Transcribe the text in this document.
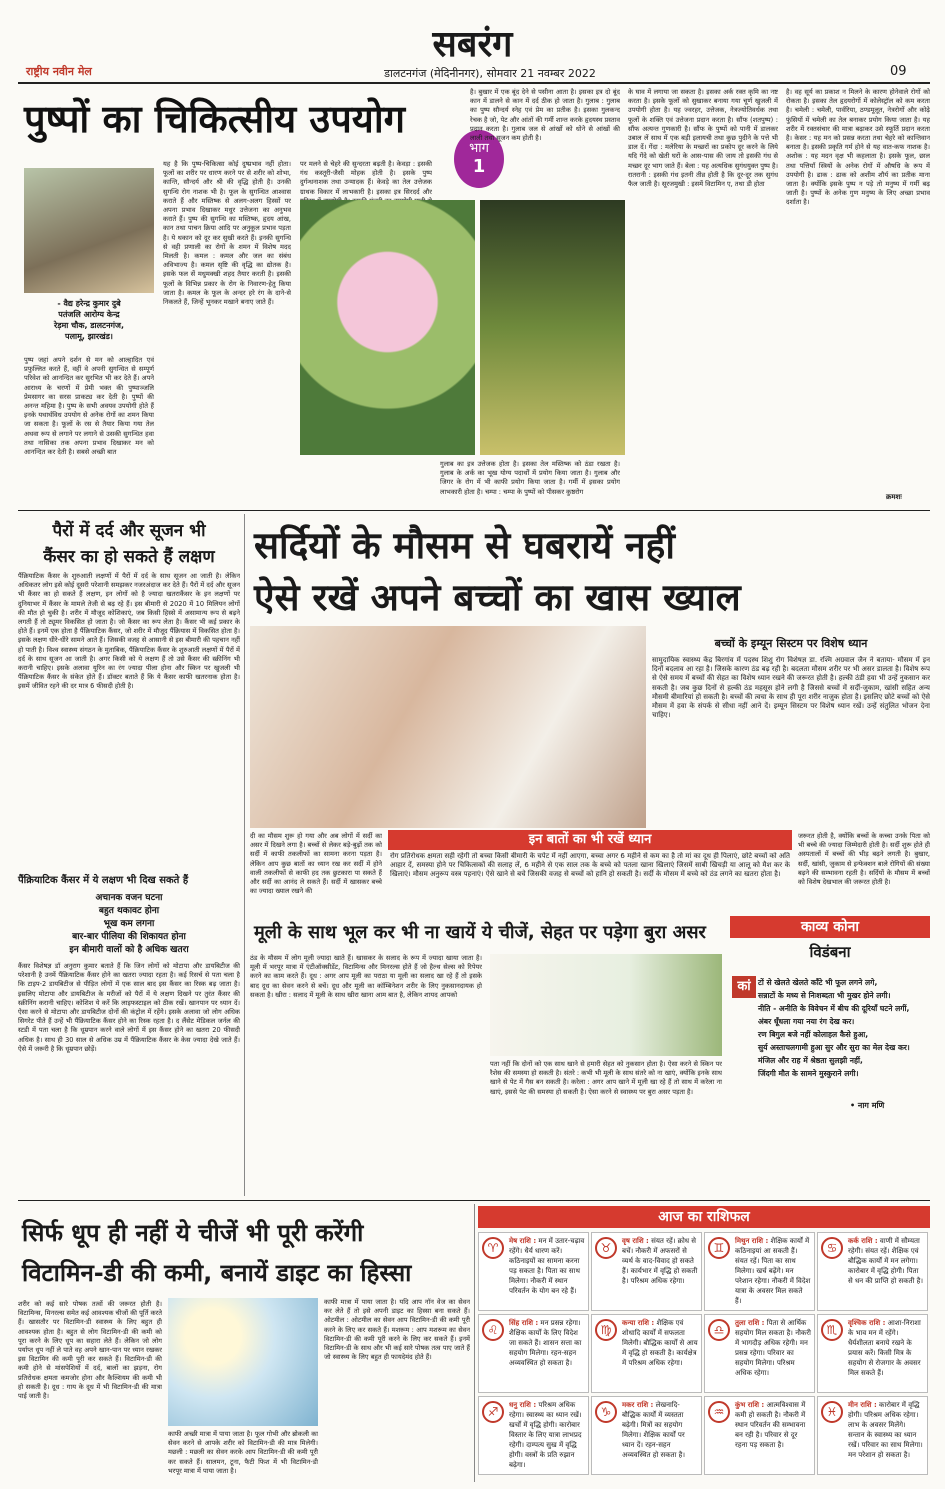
सबरंग
राष्ट्रीय नवीन मेल	डालटनगंज (मेदिनीनगर), सोमवार 21 नवम्बर 2022	09
पुष्पों का चिकित्सीय उपयोग
भाग
1
- वैद्य हरेन्द्र कुमार दुबे
पतंजलि आरोग्य केन्द्र
रेड़मा चौक, डालटनगंज,
पलामू, झारखंड।
पुष्प जहां अपने दर्शन से मन को आल्हादित एवं प्रफुल्लित करते हैं, वहीं वे अपनी सुगन्धित से सम्पूर्ण परिवेश को आनन्दित कर सुरभित भी कर देते हैं। अपने आराध्य के चरणों में प्रेमी भक्त की पुष्पाञ्जलि प्रेमसागर का सरस प्राकट्य कर देती है। पुष्पों की अनन्त महिमा है। पुष्प के सभी अवयव उपयोगी होते हैं इनके यथार्थविध उपयोग से अनेक रोगों का शमन किया जा सकता है। फूलों के रस से तैयार किया गया तेल अथवा रूप से लगाने पर लगाने से उसकी सुगन्धित हवा तथा नासिका तक अपना प्रभाव दिखाकर मन को आनन्दित कर देती है। सबसे अच्छी बात
यह है कि पुष्प-चिकित्सा कोई दुष्प्रभाव नहीं होता। फूलों का शरीर पर धारण करने पर से शरीर को शोभा, कान्ति, सौन्दर्य और श्री की वृद्धि होती है। उनकी सुगन्धि रोग नाशक भी है। फूल के सुगन्धित आश्वास कराते हैं और मस्तिष्क से अलग-अलग हिस्सों पर अपना प्रभाव दिखाकर मधुर उत्तेजना का अनुभव कराते हैं। पुष्प की सुगन्धि का मस्तिष्क, हृदय आंख, कान तथा पाचन क्रिया आदि पर अनुकूल प्रभाव पड़ता है। ये थकान को दूर कर सुखी करते हैं। इनकी सुगन्धि से वही प्रणाली का रोगों के शमन में विशेष मदद मिलती है। कमल : कमल और जल का संबंध अविभाज्य है। कमल सृष्टि की वृद्धि का द्योतक है। इसके फल सें मधुमक्खी शहद तैयार करती है। इसकी फूलों के विभिन्न प्रकार के रोग के निवारण-हेतु किया जाता है। कमल के फूल के अन्दर हरे रंग के दाने-से निकलते हैं, जिन्हें भूनकर मखाने बनाए जाते हैं।
पर मलने से चेहरे की सुन्दरता बढ़ती है। केवड़ा : इसकी गंध कस्तूरी-जैसी मोहक होती है। इसके पुष्प दुर्गन्धनाशक तथा उन्मादक हैं। केवड़े का तेल उत्तेजक ग्राथक विकार में लाभकारी है। इसका इत्र सिरदर्द और
है। बुखार में एक बूंद देने से पसीना आता है। इसका इत्र दो बूंद कान में डालने से कान में दर्द ठीक हो जाता है। गुलाब : गुलाब का पुष्प सौन्दर्य स्नेह एवं प्रेम का प्रतीक है। इसका गुलकन्द रेचक है जो, पेट और आंतों की गर्मी शान्त करके हृदयस्थ प्रस्ताव प्रदान करता है। गुलाब जल से आंखों को धोने से आंखों की लाली तथा सूजन कम होती है।
गुलाब का इत्र उत्तेजक होता है। इसका तेल मस्तिष्क को ठंडा रखता है। गुलाब के अर्क का भूख योग्य पदार्थों में प्रयोग किया जाता है। गुलाब और जिगर के रोग में भी काफी प्रयोग किया जाता है। गर्मी में इसका प्रयोग लाभकारी होता है। चम्पा : चम्पा के पुष्पों को पीसकर कुष्ठरोग
के घाव में लगाया जा सकता है। इसका अर्क रक्त कृमि का नष्ट करता है। इसके फूलों को सुखाकर बनाया गया चूर्ण खुजली में उपयोगी होता है। यह ज्वरहर, उत्तेजक, नेत्रज्योतिवर्धक तथा फूलों के शक्ति एवं उत्तेजना प्रदान करता है। सौंफ (शतपुष्प) : सौंफ अत्यन्त गुणकारी है। सौंफ के पुष्पों को पानी में डालकर उबाल लें साथ में एक बड़ी इलायची तथा कुछ पुदीने के पत्ते भी डाल दें। गेंदा : मलेरिया के मच्छरों का प्रकोप दूर करने के लिये यदि गेंदे को खेती घरों के आस-पास की जाय तो इसकी गंध से मच्छर दूर भाग जाते हैं। बेला : यह अत्यधिक सुगंधयुक्त पुष्प है। रातरानी : इसकी गंध इतनी तीव्र होती है कि दूर-दूर तक सुगंध फैल जाती है। सूरजमुखी : इसमें विटामिन ए, तथा डी होता
है। वह सूर्य का प्रकाश न मिलने के कारण होनेवाले रोगों को रोकता है। इसका तेल हृदयरोगों में कोलेस्ट्रॉल को कम करता है। चमेली : चमेली, पार्वरिया, ठण्डमूलूत, नेत्ररोगों और कोढ़े फुंसियों में चमेली का तेल बनाकर प्रयोग किया जाता है। यह शरीर में रक्तसंचार की मात्रा बढ़ाकर उसे स्फूर्ति प्रदान करता है। केसर : यह मन को प्रसन्न करता तथा चेहरे को कान्तिवान बनाता है। इसकी प्रकृति गर्म होने से यह वात-कफ नाशक है। अशोक : यह मदन वृक्ष भी कहलाता है। इसके फूल, छाल तथा पत्तियाँ स्त्रियों के अनेक रोगों में औषधि के रूप में उपयोगी है। ढाक : ढाक को अशीम शौर्य का प्रतीक माना जाता है। क्योंकि इसके पुष्प न पड़े तो मनुष्य में गर्मी बढ़ जाती है। पुष्पों के अनेक गुण मनुष्य के लिए अच्छा प्रभाव दर्शाता है।
क्रमशः
पैरों में दर्द और सूजन भी
कैंसर का हो सकते हैं लक्षण
पैंक्रियाटिक कैंसर के शुरुआती लक्षणों में पैरों में दर्द के साथ सूजन आ जाती है। लेकिन अधिकतर लोग इसे कोई दूसरी परेशानी समझकर नजरअंदाज कर देते हैं। पैरों में दर्द और सूजन भी कैंसर का हो सकते हैं लक्षण, इन लोगों को है ज्यादा खतराकैंसर के इन लक्षणों पर दुनियाभर में कैंसर के मामले तेजी से बढ़ रहे हैं। इस बीमारी से 2020 में 10 मिलियन लोगों की मौत हो चुकी है। शरीर में मौजूद कोशिकाएं, जब किसी हिस्से में असामान्य रूप से बढ़ने लगती हैं तो ट्यूमर विकसित हो जाता है। जो कैंसर का रूप लेता है। कैंसर भी कई प्रकार के होते हैं। इनमें एक होता है पैंक्रियाटिक कैंसर, जो शरीर में मौजूद पैंक्रियास में विकसित होता है। इसके लक्षण धीरे-धीरे सामने आते हैं। जिसकी वजह से आसानी से इस बीमारी की पहचान नहीं हो पाती है। विश्व स्वास्थ्य संगठन के मुताबिक, पैंक्रियाटिक कैंसर के शुरुआती लक्षणों में पैरों में दर्द के साथ सूजन आ जाती है। अगर किसी को ये लक्षण हैं तो उसे कैंसर की स्क्रीनिंग भी करानी चाहिए। इसके अलावा यूरिन का रंग ज्यादा पीला होना और स्किन पर खुजली भी पैंक्रियाटिक कैंसर के संकेत होते हैं। डॉक्टर बताते हैं कि ये कैंसर काफी खतरनाक होता है। इसमें जीवित रहने की दर मात्र 6 फीसदी होती है।
पैंक्रियाटिक कैंसर में ये लक्षण भी दिख सकते हैं
अचानक वजन घटना
बहुत थकावट होना
भूख कम लगना
बार-बार पीलिया की शिकायत होना
इन बीमारी वालों को है अधिक खतरा
कैंसर विशेषज्ञ डॉ अनुराग कुमार बताते हैं कि जिन लोगों को मोटापा और डायबिटीज की परेशानी है उनमें पैंक्रियाटिक कैंसर होने का खतरा ज्यादा रहता है। कई रिसर्च से पता चला है कि टाइप-2 डायबिटीज से पीड़ित लोगों में एक साल बाद इस कैंसर का रिस्क बढ़ जाता है। इसलिए मोटापा और डायबिटीज के मरीजों को पैरों में ये लक्षण दिखने पर तुरंत कैंसर की स्क्रीनिंग करानी चाहिए। कोशिश ये करें कि लाइफस्टाइल को ठीक रखें। खानपान पर ध्यान दें। ऐसा करने से मोटापा और डायबिटीज दोनों की कंट्रोल में रहेंगे। इसके अलावा जो लोग अधिक सिगरेट पीते हैं उन्हें भी पैंक्रियाटिक कैंसर होने का रिस्क रहता है। द लैंसेट मेडिकल जर्नल की स्टडी में पता चला है कि धूम्रपान करने वाले लोगों में इस कैंसर होने का खतरा 20 फीसदी अधिक है। साथ ही 30 साल से अधिक उम्र में पैंक्रियाटिक कैंसर के केस ज्यादा देखे जाते हैं। ऐसे में जरूरी है कि धूम्रपान छोड़ें।
सर्दियों के मौसम से घबरायें नहीं
ऐसे रखें अपने बच्चों का खास ख्याल
बच्चों के इम्यून सिस्टम पर विशेष ध्यान
सामुदायिक स्वास्थ्य केंद्र बिरगांव में पदस्थ शिशु रोग विशेषज्ञ डा. रश्मि अग्रवाल जैन ने बताया- मौसम में इन दिनों बदलाव आ रहा है। जिसके कारण ठंड बढ़ रही है। बदलता मौसम शरीर पर भी असर डालता है। विशेष रूप से ऐसे समय में बच्चों की सेहत का विशेष ध्यान रखने की जरूरत होती है। हल्की ठंडी हवा भी उन्हें नुकसान कर सकती है। जब कुछ दिनों से हल्की ठंड महसूस होने लगी है जिससे बच्चों में सर्दी-जुकाम, खांसी सहित अन्य मौसमी बीमारियां हो सकती है। बच्चों की त्वचा के साथ ही पूरा शरीर नाजुक होता है। इसलिए छोटे बच्चों को ऐसे मौसम में हवा के संपर्क से सीधा नहीं आने दें। इम्यून सिस्टम पर विशेष ध्यान रखें। उन्हें संतुलित भोजन देना चाहिए।
दी का मौसम शुरू हो गया और अब लोगों में सर्दी का असर में दिखने लगा है। बच्चों से लेकर बड़े-बुढ़ों तक को सर्दी में काफी तकलीफों का सामना करना पड़ता है। लेकिन आप कुछ बातों का ध्यान रख कर सर्दी में होने वाली तकलीफों से काफी हद तक छुटकारा पा सकते हैं और सर्दी का आनंद ले सकते हैं। सर्दी में खासकर बच्चे का ज्यादा ख्याल रखने की
इन बातों का भी रखें ध्यान
रोग प्रतिरोधक क्षमता सही रहेगी तो बच्चा किसी बीमारी के चपेट में नहीं आएगा, बच्चा अगर 6 महीने से कम का है तो मां का दूध ही पिलाएं, छोटे बच्चों को अति आहार दें, समस्या होने पर चिकित्सकों की सलाह लें, 6 महीने से एक साल तक के बच्चे को पतला खाना खिलाएं जिसमें साबी खिचड़ी या आलू को मैश कर के खिलाएं। मौसम अनुरूप वस्त्र पहनाएं। ऐसे खाने से बचे जिसकी वजह से बच्चों को हानि हो सकती है। सर्दी के मौसम में बच्चे को ठंड लगने का खतरा होता है।
जरूरत होती है, क्योंकि बच्चों के कच्चा उनके पिता को भी बच्चे की ज्यादा जिम्मेदारी होती है। सर्दी शुरू होते ही अस्पतालों में बच्चों की भीड़ बढ़ने लगती है। बुखार, सर्दी, खांसी, जुकाम से इन्फेक्शन बाले रोगियों की संख्या बढ़ने की सम्भावना रहती है। सर्दियों के मौसम में बच्चों को विशेष देखभाल की जरूरत होती है।
मूली के साथ भूल कर भी ना खायें ये चीजें, सेहत पर पड़ेगा बुरा असर
ठंड के मौसम में लोग मूली ज्यादा खाते हैं। खासकर के सलाद के रूप में ज्यादा खाया जाता है। मूली में भरपूर मात्रा में एंटीऑक्सीडेंट, विटामिन्स और मिनरल्स होते हैं जो हैल्थ सेल्स को रिपेयर करने का काम करते हैं। दूध : अगर आप मूली का पराठा या मूली का सलाद खा रहे हैं तो इसके बाद दूध का सेवन करने से बचें। दूध और मूली का कॉम्बिनेशन शरीर के लिए नुकसानदायक हो सकता है। खीरा : सलाद में मूली के साथ खीरा खाना आम बात है, लेकिन शायद आपको
पता नहीं कि दोनों को एक साथ खाने से हमारी सेहत को नुकसान होता है। ऐसा करने से स्किन पर रैशेस की समस्या हो सकती है। संतरे : कभी भी मूली के साथ संतरे को ना खाएं, क्योंकि इनके साथ खाने से पेट में गैस बन सकती है। करेला : अगर आप खाने में मूली खा रहे हैं तो साथ में करेला ना खाएं, इससे पेट की समस्या हो सकती है। ऐसा करने से स्वास्थ्य पर बुरा असर पड़ता है।
काव्य कोना
विडंबना
कां टों से खेलते खेलते काँटे भी फूल लगने लगे,
सन्नाटों के मध्य से निःशब्दता भी मुखर होने लगी।
नीति - अनीति के विवेचन में बीच की दूरियाँ घटने लगीं,
अंबर धूँधला गया नया रंग देख कर।
रण बिगुल बजे नहीं कोलाहल कैसे हुआ,
सुर्य अस्ताचलगामी हुआ सुर और सुरा का मेल देख कर।
मंजिल और राह में श्रेष्ठता सुलझी नहीं,
जिंदगी मौत के सामने मुस्कुराने लगी।
• नाग मणि
सिर्फ धूप ही नहीं ये चीजें भी पूरी करेंगी
विटामिन-डी की कमी, बनायें डाइट का हिस्सा
शरीर को कई सारे पोषक तत्वों की जरूरत होती है। विटामिन्स, मिनरल्स समेत कई आवश्यक चीजों की पूर्ति करते हैं। खासतौर पर विटामिन-डी स्वास्थ्य के लिए बहुत ही आवश्यक होता है। बहुत से लोग विटामिन-डी की कमी को पूरा करने के लिए धूप का सहारा लेते हैं। लेकिन जो लोग पर्याप्त धूप नहीं ले पाते वह अपने खान-पान पर ध्यान रखकर इस विटामिन की कमी पूरी कर सकते हैं। विटामिन-डी की कमी होने से मांसपेशियों में दर्द, बालों का झड़ना, रोग प्रतिरोधक क्षमता कमजोर होना और कैल्शियम की कमी भी हो सकती है। दूध : गाय के दूध में भी विटामिन-डी की मात्रा पाई जाती है।
काफी अच्छी मात्रा में पाया जाता है। फूल गोभी और ब्रोकली का सेवन करने से आपके शरीर को विटामिन-डी की मात्र मिलेगी। मछली : मछली का सेवन करके आप विटामिन-डी की कमी पूरी कर सकते हैं। सालमन, टूना, फैटी फिश में भी विटामिन-डी भरपूर मात्रा में पाया जाता है।
काफी मात्रा में पाया जाता है। यदि आप नॉन वेज का सेवन कर लेते हैं तो इसे अपनी डाइट का हिस्सा बना सकते हैं। ओटमील : ओटमील का सेवन आप विटामिन-डी की कमी पूरी करने के लिए कर सकते हैं। मशरूम : आप मशरूम का सेवन विटामिन-डी की कमी पूरी करने के लिए कर सकते हैं। इनमें विटामिन-डी के साथ और भी कई सारे पोषक तत्व पाए जाते हैं जो स्वास्थ्य के लिए बहुत ही फायदेमंद होते हैं।
आज का राशिफल
♈	मेष राशि : मन में उतार-चढ़ाव रहेंगे। धैर्य धारण करें। कठिनाइयों का सामना करना पड़ सकता है। पिता का साथ मिलेगा। नौकरी में स्थान परिवर्तन के योग बन रहे हैं।
♉	वृष राशि : संयत रहें। क्रोध से बचें। नौकरी में अफसरों से व्यर्थ के वाद-विवाद हो सकते हैं। कार्यभार में वृद्धि हो सकती है। परिश्रम अधिक रहेगा।
♊	मिथुन राशि : शैक्षिक कार्यों में कठिनाइयां आ सकती हैं। संयत रहें। पिता का साथ मिलेगा। खर्च बढ़ेंगे। मन परेशान रहेगा। नौकरी में विदेश यात्रा के अवसर मिल सकते हैं।
♋	कर्क राशि : वाणी में सौम्यता रहेगी। संयत रहें। शैक्षिक एवं बौद्धिक कार्यों में मन लगेगा। कारोबार में वृद्धि होगी। पिता से धन की प्राप्ति हो सकती है।
♌	सिंह राशि : मन प्रसन्न रहेगा। शैक्षिक कार्यों के लिए विदेश जा सकते हैं। शासन सत्ता का सहयोग मिलेगा। रहन-सहन अव्यवस्थित हो सकता है।
♍	कन्या राशि : शैक्षिक एवं शोधादि कार्यों में सफलता मिलेगी। बौद्धिक कार्यों से आय में वृद्धि हो सकती है। कार्यक्षेत्र में परिश्रम अधिक रहेगा।
♎	तुला राशि : पिता से आर्थिक सहयोग मिल सकता है। नौकरी में भागदौड़ अधिक रहेगी। मन प्रसन्न रहेगा। परिवार का सहयोग मिलेगा। परिश्रम अधिक रहेगा।
♏	वृश्चिक राशि : आशा-निराशा के भाव मन में रहेंगे। धैर्यशीलता बनाये रखने के प्रयास करें। किसी मित्र के सहयोग से रोजगार के अवसर मिल सकते हैं।
♐	धनु राशि : परिश्रम अधिक रहेगा। स्वास्थ्य का ध्यान रखें। खर्चों में वृद्धि होगी। कारोबार विस्तार के लिए यात्रा लाभप्रद रहेगी। दाम्पत्य सुख में वृद्धि होगी। वस्त्रों के प्रति रुझान बढ़ेगा।
♑	मकर राशि : लेखनादि-बौद्धिक कार्यों में व्यस्तता बढ़ेगी। मित्रों का सहयोग मिलेगा। शैक्षिक कार्यों पर ध्यान दें। रहन-सहन अव्यवस्थित हो सकता है।
♒	कुंभ राशि : आत्मविश्वास में कमी हो सकती है। नौकरी में स्थान परिवर्तन की सम्भावना बन रही है। परिवार से दूर रहना पड़ सकता है।
♓	मीन राशि : कारोबार में वृद्धि होगी। परिश्रम अधिक रहेगा। लाभ के अवसर मिलेंगे। सन्तान के स्वास्थ्य का ध्यान रखें। परिवार का साथ मिलेगा। मन परेशान हो सकता है।
